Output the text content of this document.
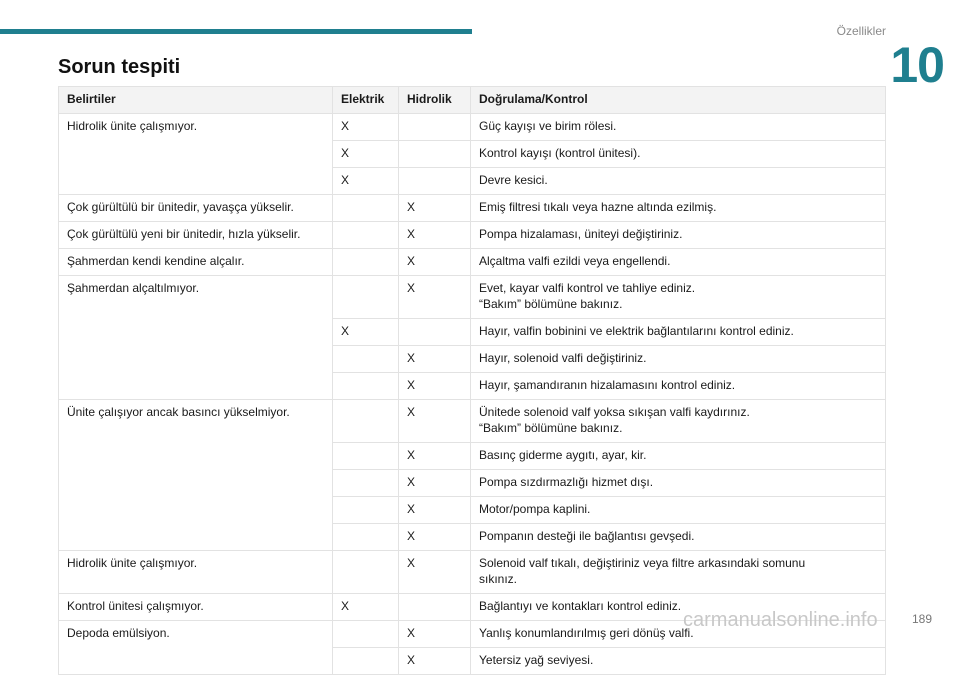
Özellikler
10
Sorun tespiti
Belirtiler	Elektrik	Hidrolik	Doğrulama/Kontrol
Hidrolik ünite çalışmıyor.	X		Güç kayışı ve birim rölesi.

	X		Kontrol kayışı (kontrol ünitesi).

	X		Devre kesici.

Çok gürültülü bir ünitedir, yavaşça yükselir.		X	Emiş filtresi tıkalı veya hazne altında ezilmiş.

Çok gürültülü yeni bir ünitedir, hızla yükselir.		X	Pompa hizalaması, üniteyi değiştiriniz.

Şahmerdan kendi kendine alçalır.		X	Alçaltma valfi ezildi veya engellendi.

Şahmerdan alçaltılmıyor.		X	Evet, kayar valfi kontrol ve tahliye ediniz.
“Bakım” bölümüne bakınız.

	X		Hayır, valfin bobinini ve elektrik bağlantılarını kontrol ediniz.

		X	Hayır, solenoid valfi değiştiriniz.

		X	Hayır, şamandıranın hizalamasını kontrol ediniz.

Ünite çalışıyor ancak basıncı yükselmiyor.		X	Ünitede solenoid valf yoksa sıkışan valfi kaydırınız.
“Bakım” bölümüne bakınız.

		X	Basınç giderme aygıtı, ayar, kir.

		X	Pompa sızdırmazlığı hizmet dışı.

		X	Motor/pompa kaplini.

		X	Pompanın desteği ile bağlantısı gevşedi.

Hidrolik ünite çalışmıyor.		X	Solenoid valf tıkalı, değiştiriniz veya filtre arkasındaki somunu
sıkınız.

Kontrol ünitesi çalışmıyor.	X		Bağlantıyı ve kontakları kontrol ediniz.

Depoda emülsiyon.		X	Yanlış konumlandırılmış geri dönüş valfi.

		X	Yetersiz yağ seviyesi.
189
carmanualsonline.info
